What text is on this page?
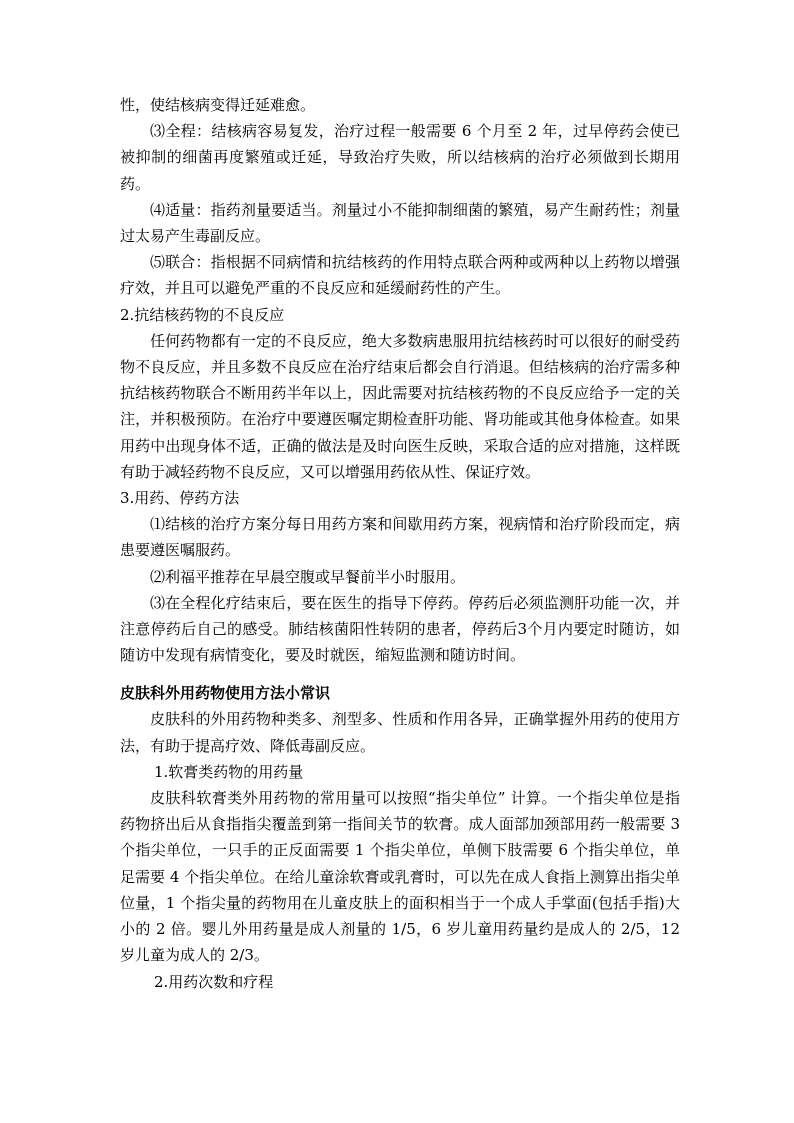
性，使结核病变得迁延难愈。

⑶全程：结核病容易复发，治疗过程一般需要 6 个月至 2 年，过早停药会使已被抑制的细菌再度繁殖或迁延，导致治疗失败，所以结核病的治疗必须做到长期用药。

⑷适量：指药剂量要适当。剂量过小不能抑制细菌的繁殖，易产生耐药性；剂量过太易产生毒副反应。

⑸联合：指根据不同病情和抗结核药的作用特点联合两种或两种以上药物以增强疗效，并且可以避免严重的不良反应和延缓耐药性的产生。

2.抗结核药物的不良反应

任何药物都有一定的不良反应，绝大多数病患服用抗结核药时可以很好的耐受药物不良反应，并且多数不良反应在治疗结束后都会自行消退。但结核病的治疗需多种抗结核药物联合不断用药半年以上，因此需要对抗结核药物的不良反应给予一定的关注，并积极预防。在治疗中要遵医嘱定期检查肝功能、肾功能或其他身体检查。如果用药中出现身体不适，正确的做法是及时向医生反映，采取合适的应对措施，这样既有助于减轻药物不良反应，又可以增强用药依从性、保证疗效。

3.用药、停药方法

⑴结核的治疗方案分每日用药方案和间歇用药方案，视病情和治疗阶段而定，病患要遵医嘱服药。

⑵利福平推荐在早晨空腹或早餐前半小时服用。

⑶在全程化疗结束后，要在医生的指导下停药。停药后必须监测肝功能一次，并注意停药后自己的感受。肺结核菌阳性转阴的患者，停药后3个月内要定时随访，如随访中发现有病情变化，要及时就医，缩短监测和随访时间。

皮肤科外用药物使用方法小常识

皮肤科的外用药物种类多、剂型多、性质和作用各异，正确掌握外用药的使用方法，有助于提高疗效、降低毒副反应。

1.软膏类药物的用药量

皮肤科软膏类外用药物的常用量可以按照“指尖单位” 计算。一个指尖单位是指药物挤出后从食指指尖覆盖到第一指间关节的软膏。成人面部加颈部用药一般需要 3 个指尖单位，一只手的正反面需要 1 个指尖单位，单侧下肢需要 6 个指尖单位，单足需要 4 个指尖单位。在给儿童涂软膏或乳膏时，可以先在成人食指上测算出指尖单位量，1 个指尖量的药物用在儿童皮肤上的面积相当于一个成人手掌面(包括手指)大小的 2 倍。婴儿外用药量是成人剂量的 1/5，6 岁儿童用药量约是成人的 2/5，12 岁儿童为成人的 2/3。

2.用药次数和疗程
